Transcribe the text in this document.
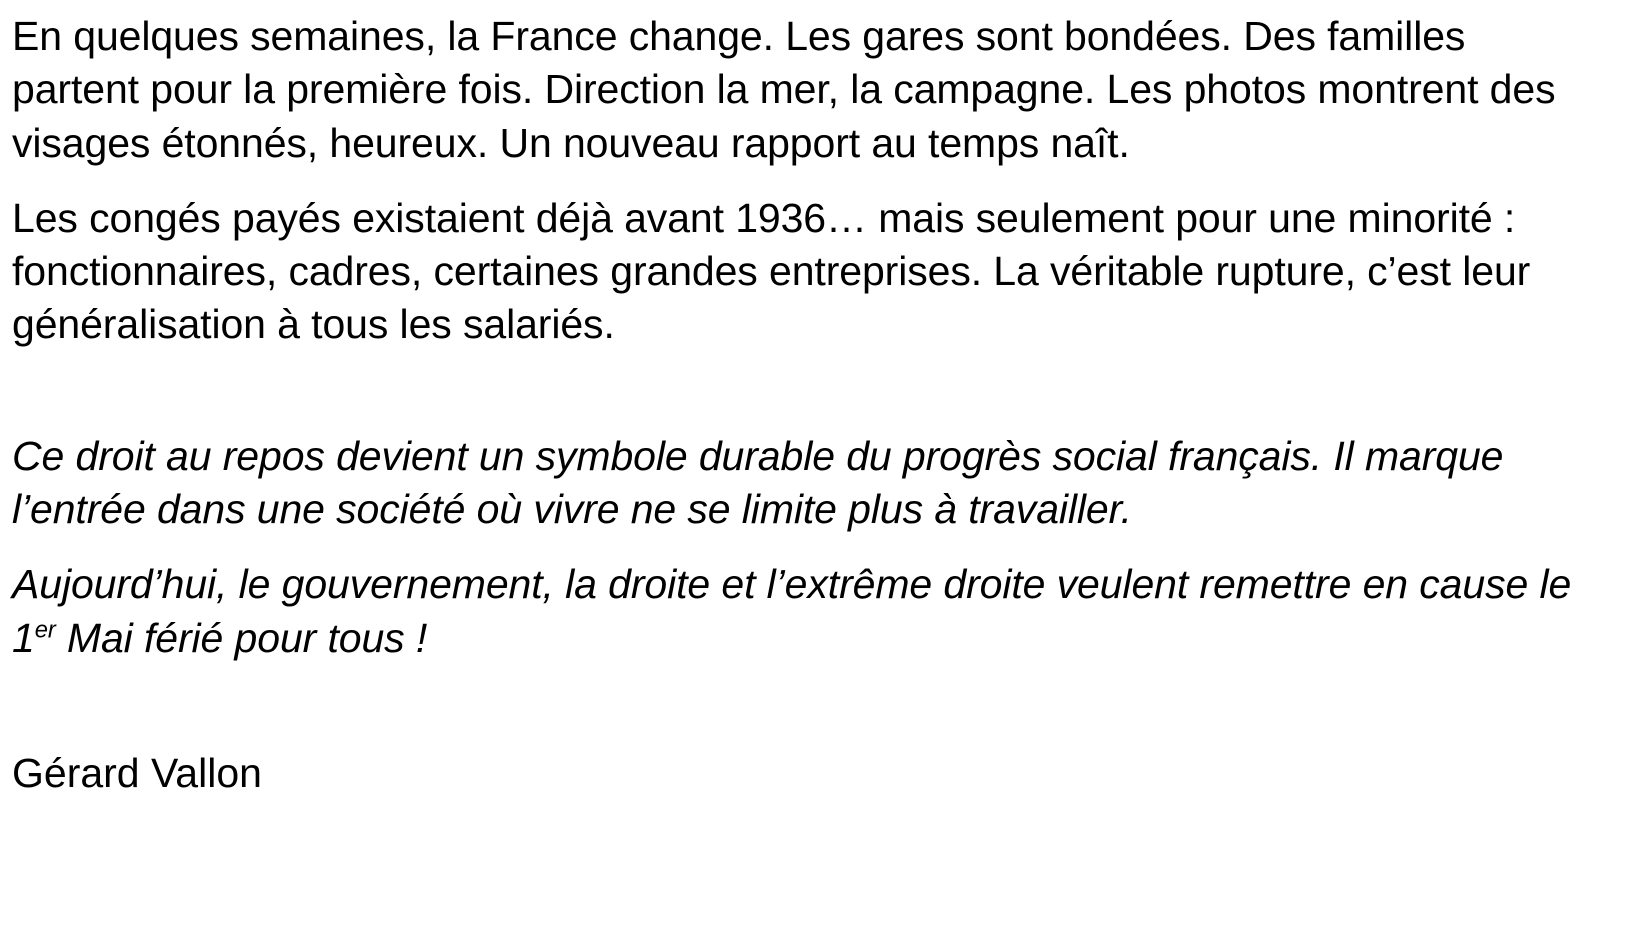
En quelques semaines, la France change. Les gares sont bondées. Des familles partent pour la première fois. Direction la mer, la campagne. Les photos montrent des visages étonnés, heureux. Un nouveau rapport au temps naît.

Les congés payés existaient déjà avant 1936… mais seulement pour une minorité : fonctionnaires, cadres, certaines grandes entreprises. La véritable rupture, c’est leur généralisation à tous les salariés.

Ce droit au repos devient un symbole durable du progrès social français. Il marque l’entrée dans une société où vivre ne se limite plus à travailler.

Aujourd’hui, le gouvernement, la droite et l’extrême droite veulent remettre en cause le 1er Mai férié pour tous !

Gérard Vallon
